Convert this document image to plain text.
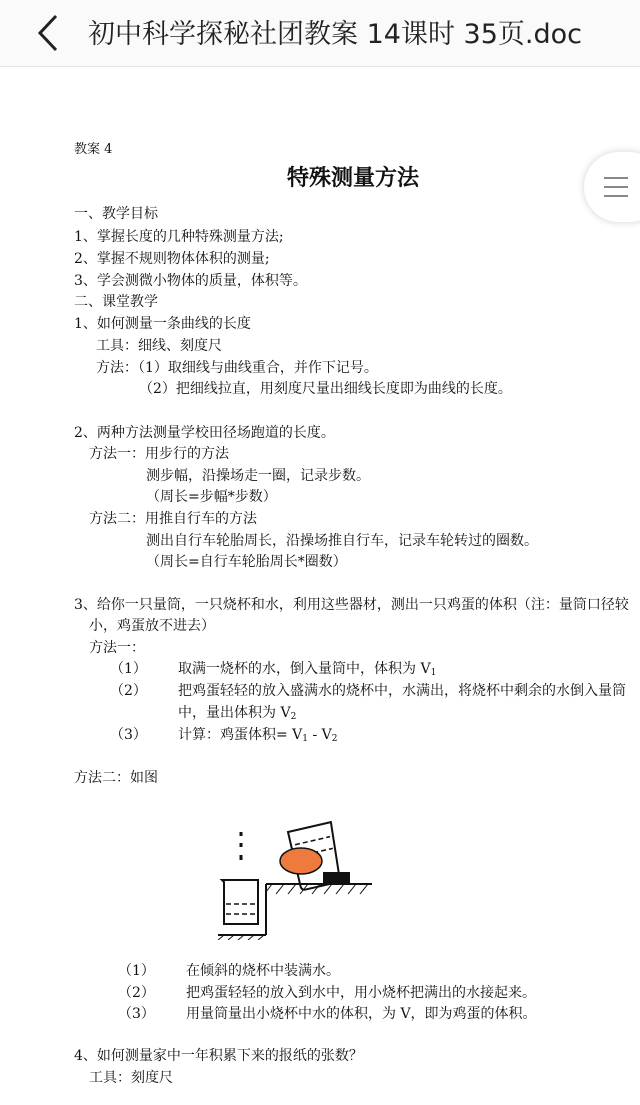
初中科学探秘社团教案 14课时 35页.doc
教案 4
特殊测量方法
一、教学目标
1、掌握长度的几种特殊测量方法;
2、掌握不规则物体体积的测量;
3、学会测微小物体的质量，体积等。
二、课堂教学
1、如何测量一条曲线的长度
工具：细线、刻度尺
方法：（1）取细线与曲线重合，并作下记号。
（2）把细线拉直，用刻度尺量出细线长度即为曲线的长度。
2、两种方法测量学校田径场跑道的长度。
方法一：用步行的方法
测步幅，沿操场走一圈，记录步数。
（周长=步幅*步数）
方法二：用推自行车的方法
测出自行车轮胎周长，沿操场推自行车，记录车轮转过的圈数。
（周长=自行车轮胎周长*圈数）
3、给你一只量筒，一只烧杯和水，利用这些器材，测出一只鸡蛋的体积（注：量筒口径较
小，鸡蛋放不进去）
方法一：
（1） 取满一烧杯的水，倒入量筒中，体积为 $V_1$
（2） 把鸡蛋轻轻的放入盛满水的烧杯中，水满出，将烧杯中剩余的水倒入量筒
中，量出体积为 $V_2$
（3） 计算：鸡蛋体积= $V_1 - V_2$
方法二：如图
（1） 在倾斜的烧杯中装满水。
（2） 把鸡蛋轻轻的放入到水中，用小烧杯把满出的水接起来。
（3） 用量筒量出小烧杯中水的体积，为 V，即为鸡蛋的体积。
4、如何测量家中一年积累下来的报纸的张数？
工具：刻度尺
